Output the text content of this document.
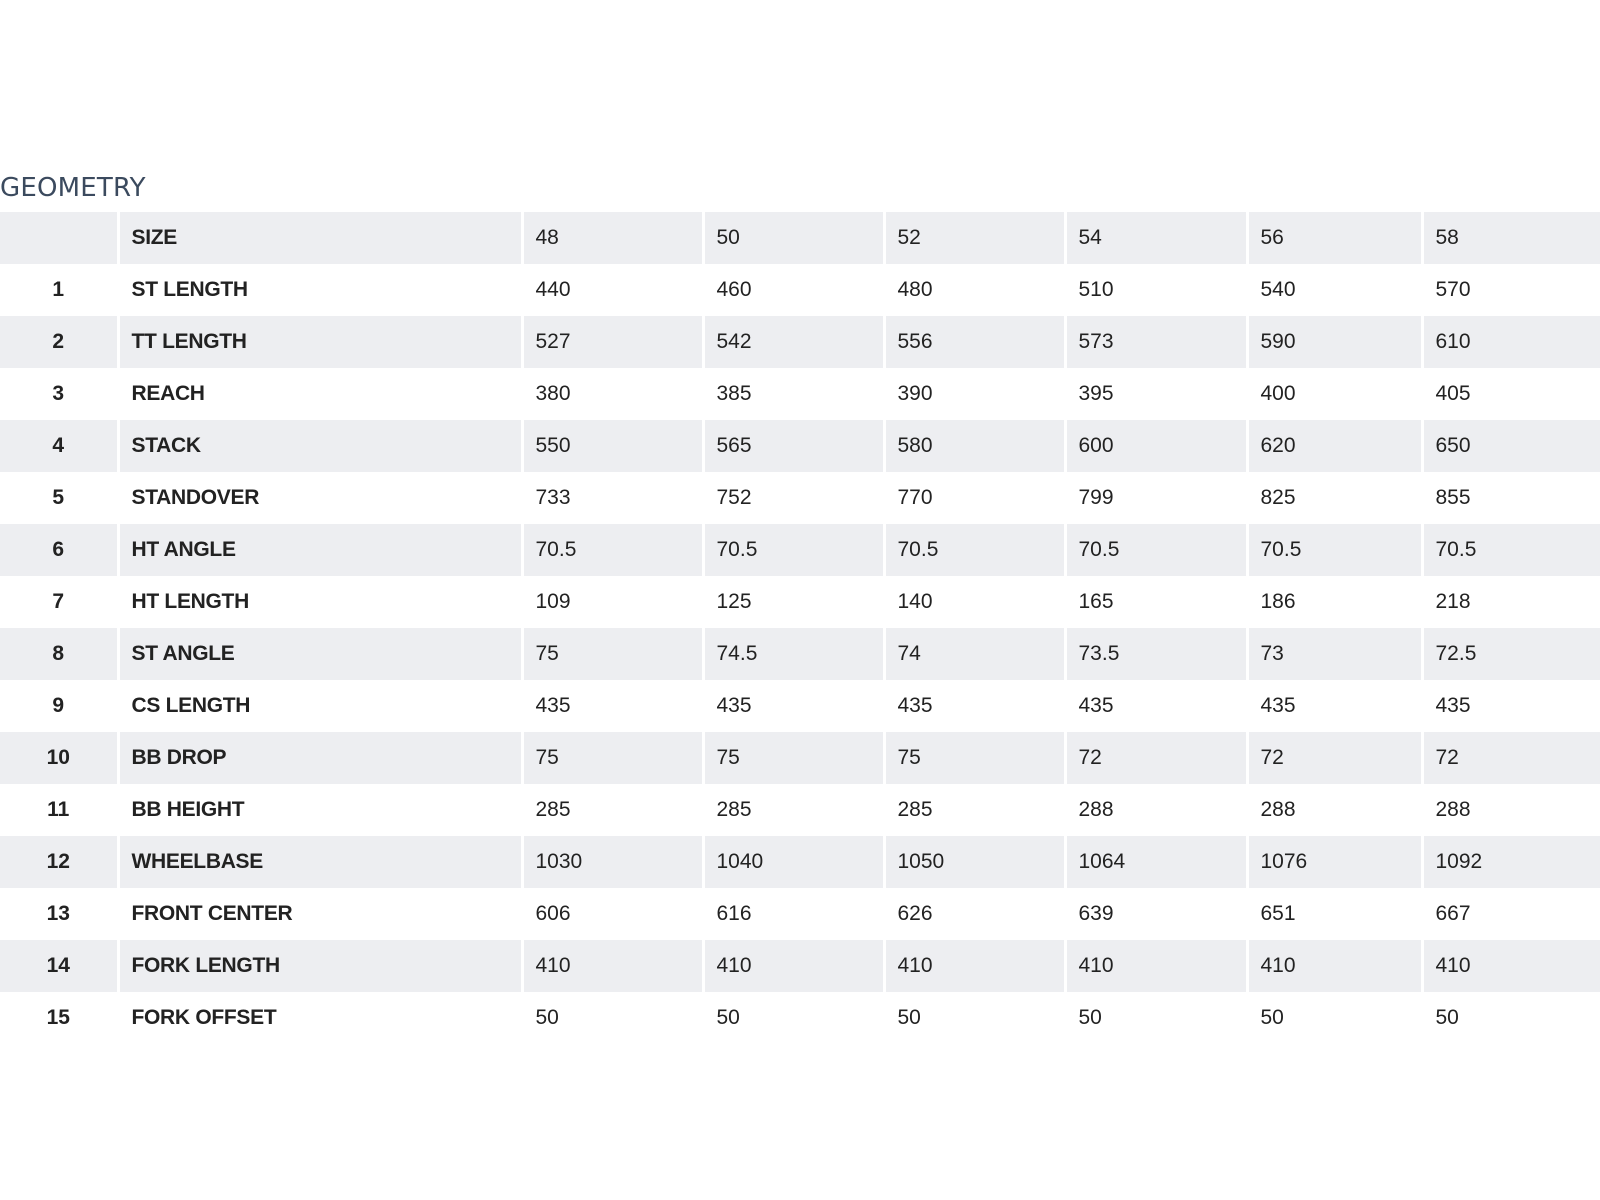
GEOMETRY
	SIZE	48	50	52	54	56	58
1	ST LENGTH	440	460	480	510	540	570
2	TT LENGTH	527	542	556	573	590	610
3	REACH	380	385	390	395	400	405
4	STACK	550	565	580	600	620	650
5	STANDOVER	733	752	770	799	825	855
6	HT ANGLE	70.5	70.5	70.5	70.5	70.5	70.5
7	HT LENGTH	109	125	140	165	186	218
8	ST ANGLE	75	74.5	74	73.5	73	72.5
9	CS LENGTH	435	435	435	435	435	435
10	BB DROP	75	75	75	72	72	72
11	BB HEIGHT	285	285	285	288	288	288
12	WHEELBASE	1030	1040	1050	1064	1076	1092
13	FRONT CENTER	606	616	626	639	651	667
14	FORK LENGTH	410	410	410	410	410	410
15	FORK OFFSET	50	50	50	50	50	50
